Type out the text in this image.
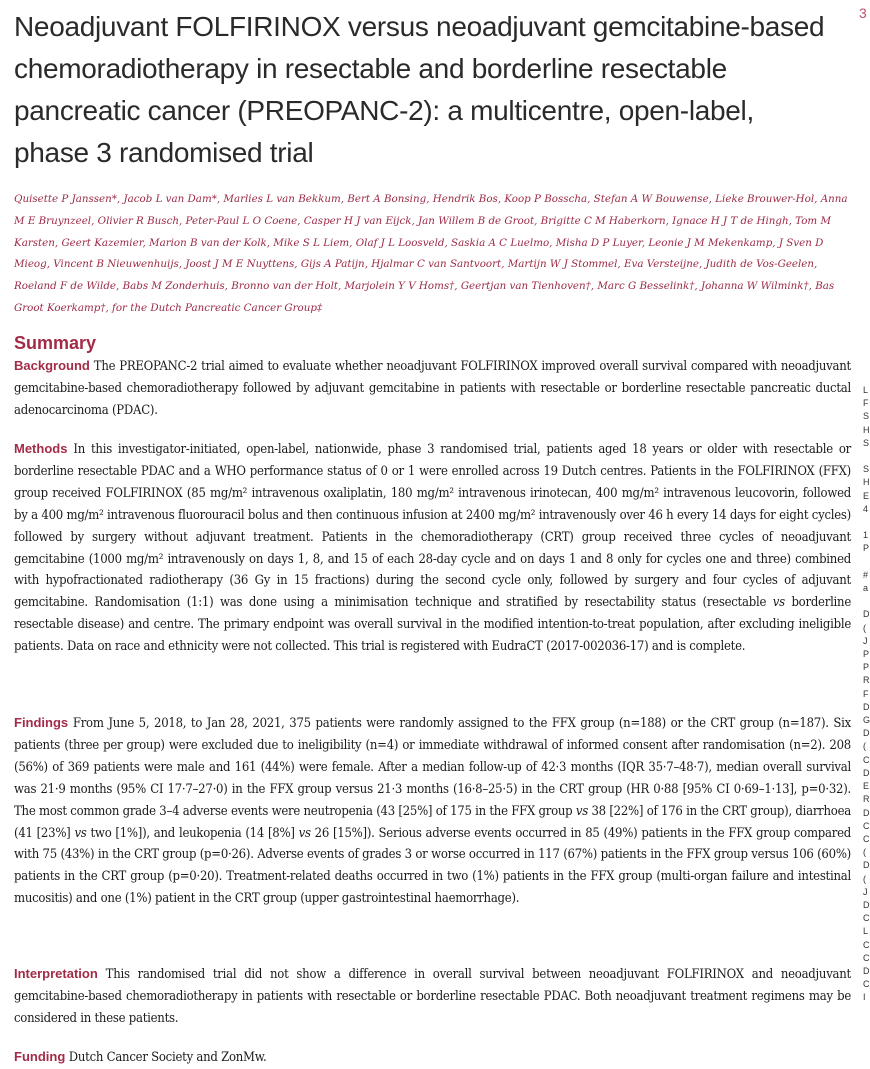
Neoadjuvant FOLFIRINOX versus neoadjuvant gemcitabine-based chemoradiotherapy in resectable and borderline resectable pancreatic cancer (PREOPANC-2): a multicentre, open-label, phase 3 randomised trial
3

Quisette P Janssen*, Jacob L van Dam*, Marlies L van Bekkum, Bert A Bonsing, Hendrik Bos, Koop P Bosscha, Stefan A W Bouwense, Lieke Brouwer-Hol, Anna M E Bruynzeel, Olivier R Busch, Peter-Paul L O Coene, Casper H J van Eijck, Jan Willem B de Groot, Brigitte C M Haberkorn, Ignace H J T de Hingh, Tom M Karsten, Geert Kazemier, Marion B van der Kolk, Mike S L Liem, Olaf J L Loosveld, Saskia A C Luelmo, Misha D P Luyer, Leonie J M Mekenkamp, J Sven D Mieog, Vincent B Nieuwenhuijs, Joost J M E Nuyttens, Gijs A Patijn, Hjalmar C van Santvoort, Martijn W J Stommel, Eva Versteijne, Judith de Vos-Geelen, Roeland F de Wilde, Babs M Zonderhuis, Bronno van der Holt, Marjolein Y V Homs†, Geertjan van Tienhoven†, Marc G Besselink†, Johanna W Wilmink†, Bas Groot Koerkamp†, for the Dutch Pancreatic Cancer Group‡

Summary

Background The PREOPANC-2 trial aimed to evaluate whether neoadjuvant FOLFIRINOX improved overall survival compared with neoadjuvant gemcitabine-based chemoradiotherapy followed by adjuvant gemcitabine in patients with resectable or borderline resectable pancreatic ductal adenocarcinoma (PDAC).

Methods In this investigator-initiated, open-label, nationwide, phase 3 randomised trial, patients aged 18 years or older with resectable or borderline resectable PDAC and a WHO performance status of 0 or 1 were enrolled across 19 Dutch centres. Patients in the FOLFIRINOX (FFX) group received FOLFIRINOX (85 mg/m² intravenous oxaliplatin, 180 mg/m² intravenous irinotecan, 400 mg/m² intravenous leucovorin, followed by a 400 mg/m² intravenous fluorouracil bolus and then continuous infusion at 2400 mg/m² intravenously over 46 h every 14 days for eight cycles) followed by surgery without adjuvant treatment. Patients in the chemoradiotherapy (CRT) group received three cycles of neoadjuvant gemcitabine (1000 mg/m² intravenously on days 1, 8, and 15 of each 28-day cycle and on days 1 and 8 only for cycles one and three) combined with hypofractionated radiotherapy (36 Gy in 15 fractions) during the second cycle only, followed by surgery and four cycles of adjuvant gemcitabine. Randomisation (1:1) was done using a minimisation technique and stratified by resectability status (resectable vs borderline resectable disease) and centre. The primary endpoint was overall survival in the modified intention-to-treat population, after excluding ineligible patients. Data on race and ethnicity were not collected. This trial is registered with EudraCT (2017-002036-17) and is complete.

Findings From June 5, 2018, to Jan 28, 2021, 375 patients were randomly assigned to the FFX group (n=188) or the CRT group (n=187). Six patients (three per group) were excluded due to ineligibility (n=4) or immediate withdrawal of informed consent after randomisation (n=2). 208 (56%) of 369 patients were male and 161 (44%) were female. After a median follow-up of 42·3 months (IQR 35·7–48·7), median overall survival was 21·9 months (95% CI 17·7–27·0) in the FFX group versus 21·3 months (16·8–25·5) in the CRT group (HR 0·88 [95% CI 0·69–1·13], p=0·32). The most common grade 3–4 adverse events were neutropenia (43 [25%] of 175 in the FFX group vs 38 [22%] of 176 in the CRT group), diarrhoea (41 [23%] vs two [1%]), and leukopenia (14 [8%] vs 26 [15%]). Serious adverse events occurred in 85 (49%) patients in the FFX group compared with 75 (43%) in the CRT group (p=0·26). Adverse events of grades 3 or worse occurred in 117 (67%) patients in the FFX group versus 106 (60%) patients in the CRT group (p=0·20). Treatment-related deaths occurred in two (1%) patients in the FFX group (multi-organ failure and intestinal mucositis) and one (1%) patient in the CRT group (upper gastrointestinal haemorrhage).

Interpretation This randomised trial did not show a difference in overall survival between neoadjuvant FOLFIRINOX and neoadjuvant gemcitabine-based chemoradiotherapy in patients with resectable or borderline resectable PDAC. Both neoadjuvant treatment regimens may be considered in these patients.

Funding Dutch Cancer Society and ZonMw.

L
F
S
H
S

S
H
E
4

1
P

#
a

D
(
J
P
P
R
F
D
G
D
(
C
D
E
R
D
C
C
(
D
(
J
D
C
L
C
C
D
C
I
